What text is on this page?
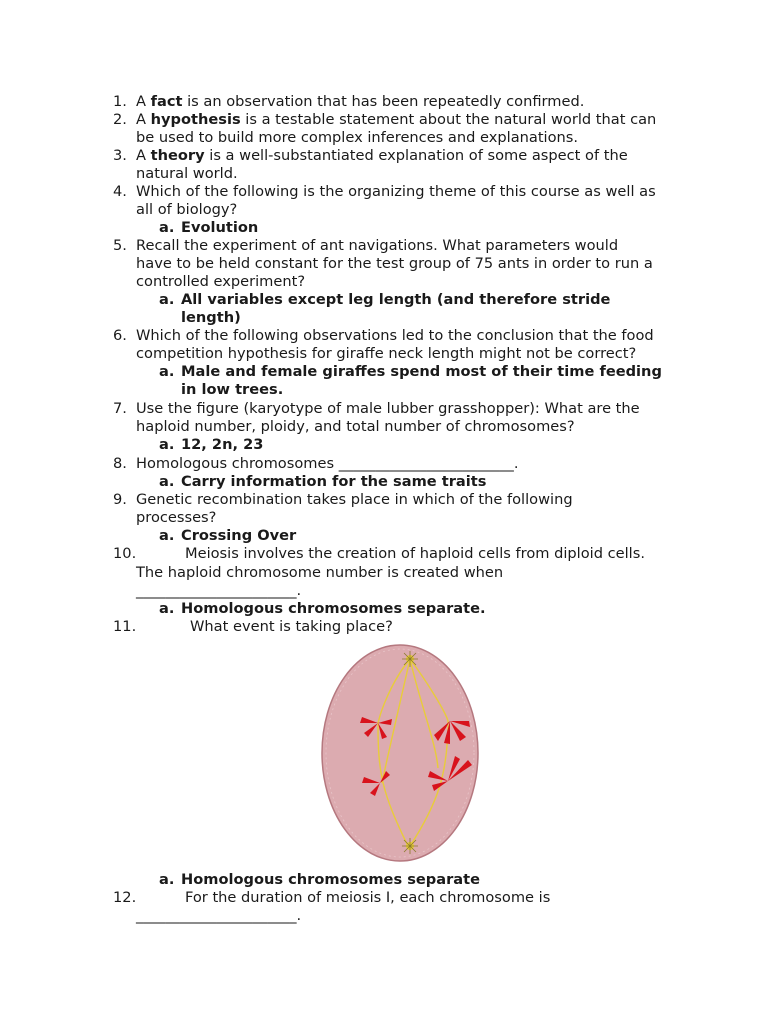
1. A fact is an observation that has been repeatedly confirmed.
2. A hypothesis is a testable statement about the natural world that can
be used to build more complex inferences and explanations.
3. A theory is a well-substantiated explanation of some aspect of the
natural world.
4. Which of the following is the organizing theme of this course as well as
all of biology?
a. Evolution
5. Recall the experiment of ant navigations. What parameters would
have to be held constant for the test group of 75 ants in order to run a
controlled experiment?
a. All variables except leg length (and therefore stride
length)
6. Which of the following observations led to the conclusion that the food
competition hypothesis for giraffe neck length might not be correct?
a. Male and female giraffes spend most of their time feeding
in low trees.
7. Use the figure (karyotype of male lubber grasshopper): What are the
haploid number, ploidy, and total number of chromosomes?
a. 12, 2n, 23
8. Homologous chromosomes ________________________.
a. Carry information for the same traits
9. Genetic recombination takes place in which of the following
processes?
a. Crossing Over
10.	Meiosis involves the creation of haploid cells from diploid cells.
The haploid chromosome number is created when
______________________.
a. Homologous chromosomes separate.
11.	What event is taking place?
a. Homologous chromosomes separate
12.	For the duration of meiosis I, each chromosome is
______________________.
